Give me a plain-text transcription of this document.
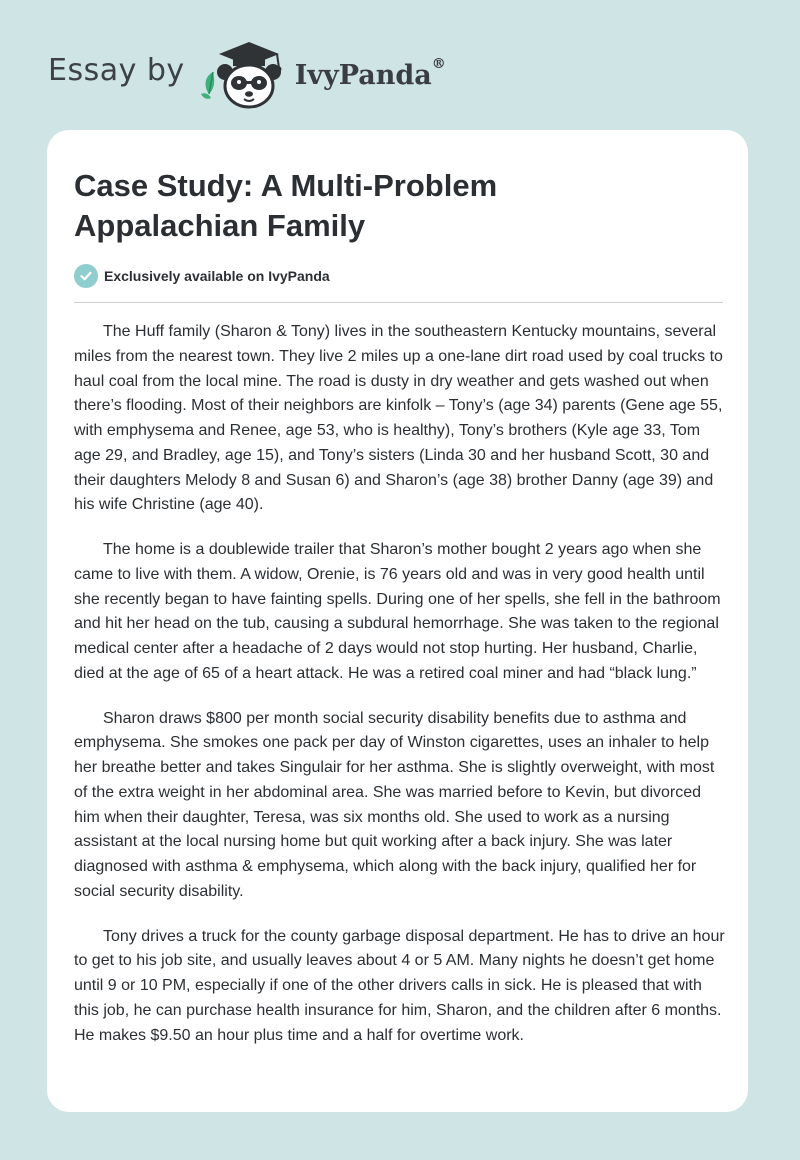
Essay by	IvyPanda®
Case Study: A Multi-Problem Appalachian Family
Exclusively available on IvyPanda

The Huff family (Sharon & Tony) lives in the southeastern Kentucky mountains, several miles from the nearest town. They live 2 miles up a one-lane dirt road used by coal trucks to haul coal from the local mine. The road is dusty in dry weather and gets washed out when there’s flooding. Most of their neighbors are kinfolk – Tony’s (age 34) parents (Gene age 55, with emphysema and Renee, age 53, who is healthy), Tony’s brothers (Kyle age 33, Tom age 29, and Bradley, age 15), and Tony’s sisters (Linda 30 and her husband Scott, 30 and their daughters Melody 8 and Susan 6) and Sharon’s (age 38) brother Danny (age 39) and his wife Christine (age 40).

The home is a doublewide trailer that Sharon’s mother bought 2 years ago when she came to live with them. A widow, Orenie, is 76 years old and was in very good health until she recently began to have fainting spells. During one of her spells, she fell in the bathroom and hit her head on the tub, causing a subdural hemorrhage. She was taken to the regional medical center after a headache of 2 days would not stop hurting. Her husband, Charlie, died at the age of 65 of a heart attack. He was a retired coal miner and had “black lung.”

Sharon draws $800 per month social security disability benefits due to asthma and emphysema. She smokes one pack per day of Winston cigarettes, uses an inhaler to help her breathe better and takes Singulair for her asthma. She is slightly overweight, with most of the extra weight in her abdominal area. She was married before to Kevin, but divorced him when their daughter, Teresa, was six months old. She used to work as a nursing assistant at the local nursing home but quit working after a back injury. She was later diagnosed with asthma & emphysema, which along with the back injury, qualified her for social security disability.

Tony drives a truck for the county garbage disposal department. He has to drive an hour to get to his job site, and usually leaves about 4 or 5 AM. Many nights he doesn’t get home until 9 or 10 PM, especially if one of the other drivers calls in sick. He is pleased that with this job, he can purchase health insurance for him, Sharon, and the children after 6 months. He makes $9.50 an hour plus time and a half for overtime work.
